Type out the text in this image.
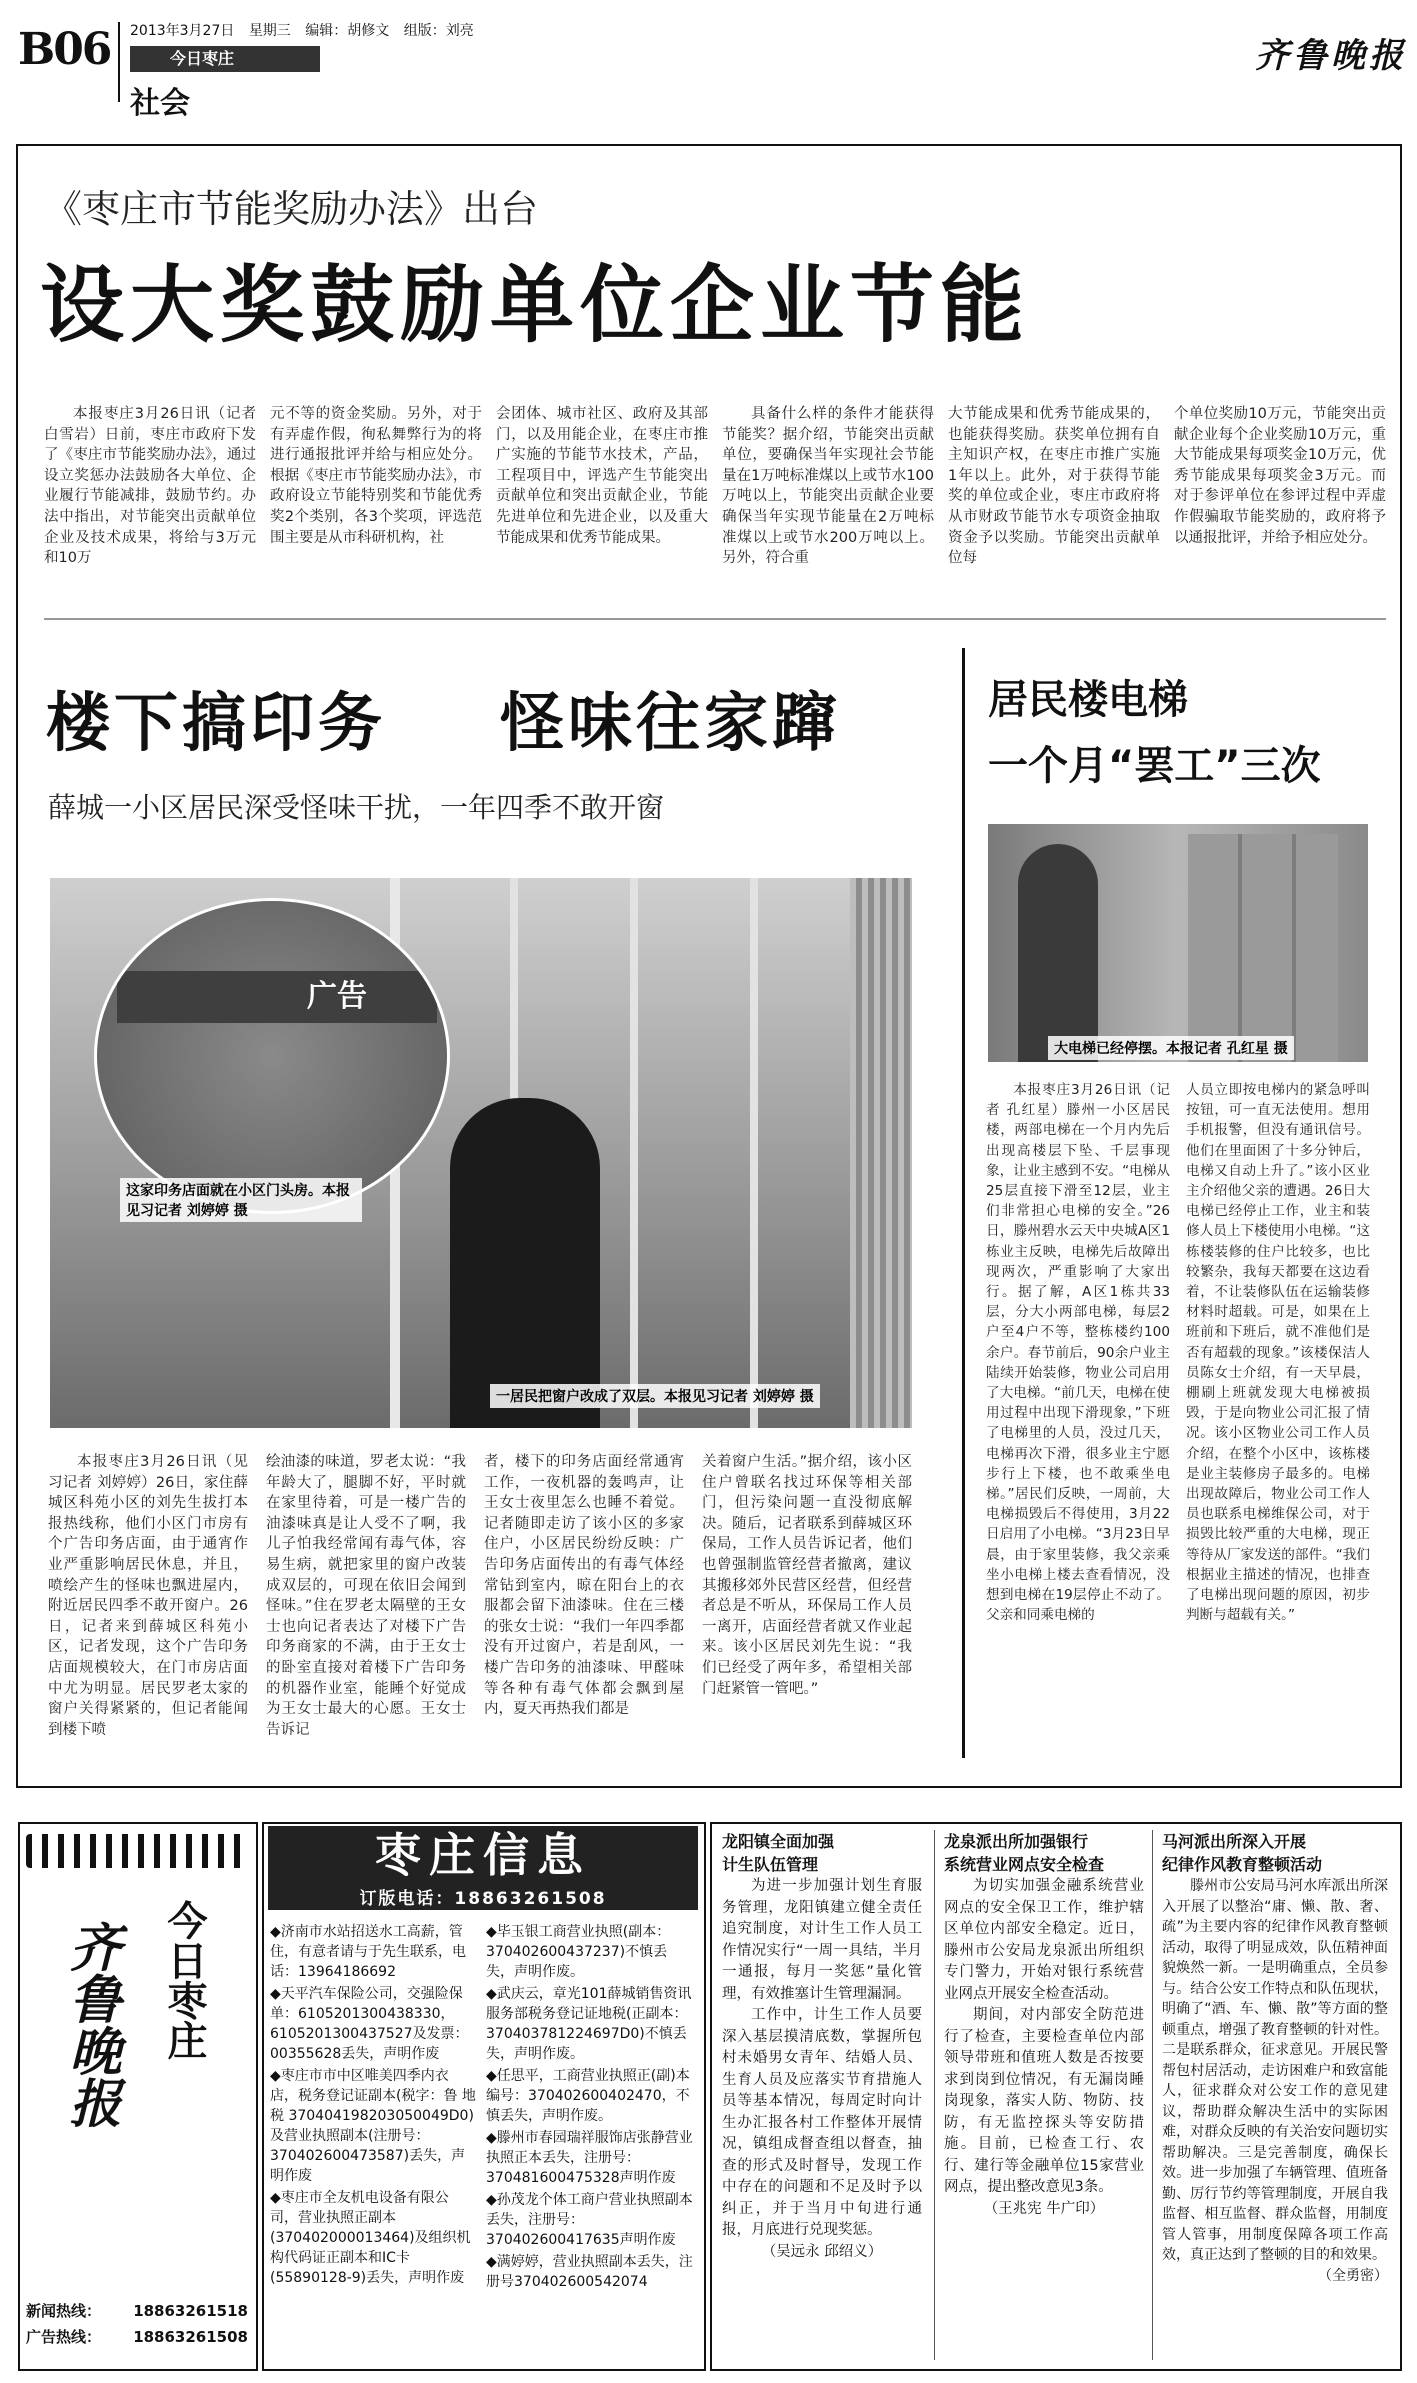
B06 2013年3月27日 星期三 编辑：胡修文 组版：刘亮
今日枣庄
社会
齐鲁晚报
《枣庄市节能奖励办法》出台
设大奖鼓励单位企业节能

本报枣庄3月26日讯（记者 白雪岩）日前，枣庄市政府下发了《枣庄市节能奖励办法》，通过设立奖惩办法鼓励各大单位、企业履行节能减排，鼓励节约。办法中指出，对节能突出贡献单位企业及技术成果，将给与3万元和10万

元不等的资金奖励。另外，对于有弄虚作假，徇私舞弊行为的将进行通报批评并给与相应处分。根据《枣庄市节能奖励办法》，市政府设立节能特别奖和节能优秀奖2个类别，各3个奖项，评选范围主要是从市科研机构，社

会团体、城市社区、政府及其部门，以及用能企业，在枣庄市推广实施的节能节水技术，产品，工程项目中，评选产生节能突出贡献单位和突出贡献企业，节能先进单位和先进企业，以及重大节能成果和优秀节能成果。

具备什么样的条件才能获得节能奖？据介绍，节能突出贡献单位，要确保当年实现社会节能量在1万吨标准煤以上或节水100万吨以上，节能突出贡献企业要确保当年实现节能量在2万吨标准煤以上或节水200万吨以上。另外，符合重

大节能成果和优秀节能成果的，也能获得奖励。获奖单位拥有自主知识产权，在枣庄市推广实施1年以上。此外，对于获得节能奖的单位或企业，枣庄市政府将从市财政节能节水专项资金抽取资金予以奖励。节能突出贡献单位每

个单位奖励10万元，节能突出贡献企业每个企业奖励10万元，重大节能成果每项奖金10万元，优秀节能成果每项奖金3万元。而对于参评单位在参评过程中弄虚作假骗取节能奖励的，政府将予以通报批评，并给予相应处分。

楼下搞印务 怪味往家蹿
薛城一小区居民深受怪味干扰，一年四季不敢开窗
广告
这家印务店面就在小区门头房。本报见习记者 刘婷婷 摄
一居民把窗户改成了双层。本报见习记者 刘婷婷 摄

本报枣庄3月26日讯（见习记者 刘婷婷）26日，家住薛城区科苑小区的刘先生拔打本报热线称，他们小区门市房有个广告印务店面，由于通宵作业严重影响居民休息，并且，喷绘产生的怪味也飘进屋内，附近居民四季不敢开窗户。26日，记者来到薛城区科苑小区，记者发现，这个广告印务店面规模较大，在门市房店面中尤为明显。居民罗老太家的窗户关得紧紧的，但记者能闻到楼下喷

绘油漆的味道，罗老太说：“我年龄大了，腿脚不好，平时就在家里待着，可是一楼广告的油漆味真是让人受不了啊，我儿子怕我经常闻有毒气体，容易生病，就把家里的窗户改装成双层的，可现在依旧会闻到怪味。”住在罗老太隔壁的王女士也向记者表达了对楼下广告印务商家的不满，由于王女士的卧室直接对着楼下广告印务的机器作业室，能睡个好觉成为王女士最大的心愿。王女士告诉记

者，楼下的印务店面经常通宵工作，一夜机器的轰鸣声，让王女士夜里怎么也睡不着觉。记者随即走访了该小区的多家住户，小区居民纷纷反映：广告印务店面传出的有毒气体经常钻到室内，晾在阳台上的衣服都会留下油漆味。住在三楼的张女士说：“我们一年四季都没有开过窗户，若是刮风，一楼广告印务的油漆味、甲醛味等各种有毒气体都会飘到屋内，夏天再热我们都是

关着窗户生活。”据介绍，该小区住户曾联名找过环保等相关部门，但污染问题一直没彻底解决。随后，记者联系到薛城区环保局，工作人员告诉记者，他们也曾强制监管经营者撤离，建议其搬移郊外民营区经营，但经营者总是不听从，环保局工作人员一离开，店面经营者就又作业起来。该小区居民刘先生说：“我们已经受了两年多，希望相关部门赶紧管一管吧。”

居民楼电梯
一个月“罢工”三次
大电梯已经停摆。本报记者 孔红星 摄

本报枣庄3月26日讯（记者 孔红星）滕州一小区居民楼，两部电梯在一个月内先后出现高楼层下坠、千层事现象，让业主感到不安。“电梯从25层直接下滑至12层，业主们非常担心电梯的安全。”26日，滕州碧水云天中央城A区1栋业主反映，电梯先后故障出现两次，严重影响了大家出行。据了解，A区1栋共33层，分大小两部电梯，每层2户至4户不等，整栋楼约100余户。春节前后，90余户业主陆续开始装修，物业公司启用了大电梯。“前几天，电梯在使用过程中出现下滑现象，”下班了电梯里的人员，没过几天，电梯再次下滑，很多业主宁愿步行上下楼，也不敢乘坐电梯。”居民们反映，一周前，大电梯损毁后不得使用，3月22日启用了小电梯。“3月23日早晨，由于家里装修，我父亲乘坐小电梯上楼去查看情况，没想到电梯在19层停止不动了。父亲和同乘电梯的

人员立即按电梯内的紧急呼叫按钮，可一直无法使用。想用手机报警，但没有通讯信号。他们在里面困了十多分钟后，电梯又自动上升了。”该小区业主介绍他父亲的遭遇。26日大电梯已经停止工作，业主和装修人员上下楼使用小电梯。“这栋楼装修的住户比较多，也比较繁杂，我每天都要在这边看着，不让装修队伍在运输装修材料时超载。可是，如果在上班前和下班后，就不准他们是否有超载的现象。”该楼保洁人员陈女士介绍，有一天早晨，棚刷上班就发现大电梯被损毁，于是向物业公司汇报了情况。该小区物业公司工作人员介绍，在整个小区中，该栋楼是业主装修房子最多的。电梯出现故障后，物业公司工作人员也联系电梯维保公司，对于损毁比较严重的大电梯，现正等待从厂家发送的部件。“我们根据业主描述的情况，也排查了电梯出现问题的原因，初步判断与超载有关。”

齐鲁晚报 今日枣庄
新闻热线： 18863261518
广告热线： 18863261508
枣庄信息
订版电话：18863261508

◆济南市水站招送水工高薪，管住，有意者请与于先生联系，电话：13964186692

◆天平汽车保险公司，交强险保单：6105201300438330，6105201300437527及发票：00355628丢失，声明作废

◆枣庄市市中区唯美四季内衣店，税务登记证副本(税字：鲁 地 税 370404198203050049D0)及营业执照副本(注册号：370402600473587)丢失，声明作废

◆枣庄市全友机电设备有限公司，营业执照正副本(370402000013464)及组织机构代码证正副本和IC卡(55890128-9)丢失，声明作废

◆毕玉银工商营业执照(副本：370402600437237)不慎丢失，声明作废。

◆武庆云，章光101薛城销售资讯服务部税务登记证地税(正副本：370403781224697D0)不慎丢失，声明作废。

◆任思平，工商营业执照正(副)本编号：370402600402470，不慎丢失，声明作废。

◆滕州市春园瑞祥服饰店张静营业执照正本丢失，注册号：370481600475328声明作废

◆孙茂龙个体工商户营业执照副本丢失，注册号：370402600417635声明作废

◆满婷婷，营业执照副本丢失，注册号370402600542074

龙阳镇全面加强
计生队伍管理

为进一步加强计划生育服务管理，龙阳镇建立健全责任追究制度，对计生工作人员工作情况实行“一周一具结，半月一通报，每月一奖惩”量化管理，有效推塞计生管理漏洞。

工作中，计生工作人员要深入基层摸清底数，掌握所包村未婚男女青年、结婚人员、生育人员及应落实节育措施人员等基本情况，每周定时向计生办汇报各村工作整体开展情况，镇组成督查组以督查，抽查的形式及时督导，发现工作中存在的问题和不足及时予以纠正，并于当月中旬进行通报，月底进行兑现奖惩。

（吴远永 邱绍义）
龙泉派出所加强银行
系统营业网点安全检查

为切实加强金融系统营业网点的安全保卫工作，维护辖区单位内部安全稳定。近日，滕州市公安局龙泉派出所组织专门警力，开始对银行系统营业网点开展安全检查活动。

期间，对内部安全防范进行了检查，主要检查单位内部领导带班和值班人数是否按要求到岗到位情况，有无漏岗睡岗现象，落实人防、物防、技防，有无监控探头等安防措施。目前，已检查工行、农行、建行等金融单位15家营业网点，提出整改意见3条。

（王兆宪 牛广印）
马河派出所深入开展
纪律作风教育整顿活动

滕州市公安局马河水库派出所深入开展了以整治“庸、懒、散、奢、疏”为主要内容的纪律作风教育整顿活动，取得了明显成效，队伍精神面貌焕然一新。一是明确重点，全员参与。结合公安工作特点和队伍现状，明确了“酒、车、懒、散”等方面的整顿重点，增强了教育整顿的针对性。二是联系群众，征求意见。开展民警帮包村居活动，走访困难户和致富能人，征求群众对公安工作的意见建议，帮助群众解决生活中的实际困难，对群众反映的有关治安问题切实帮助解决。三是完善制度，确保长效。进一步加强了车辆管理、值班备勤、厉行节约等管理制度，开展自我监督、相互监督、群众监督，用制度管人管事，用制度保障各项工作高效，真正达到了整顿的目的和效果。

（全勇密）
